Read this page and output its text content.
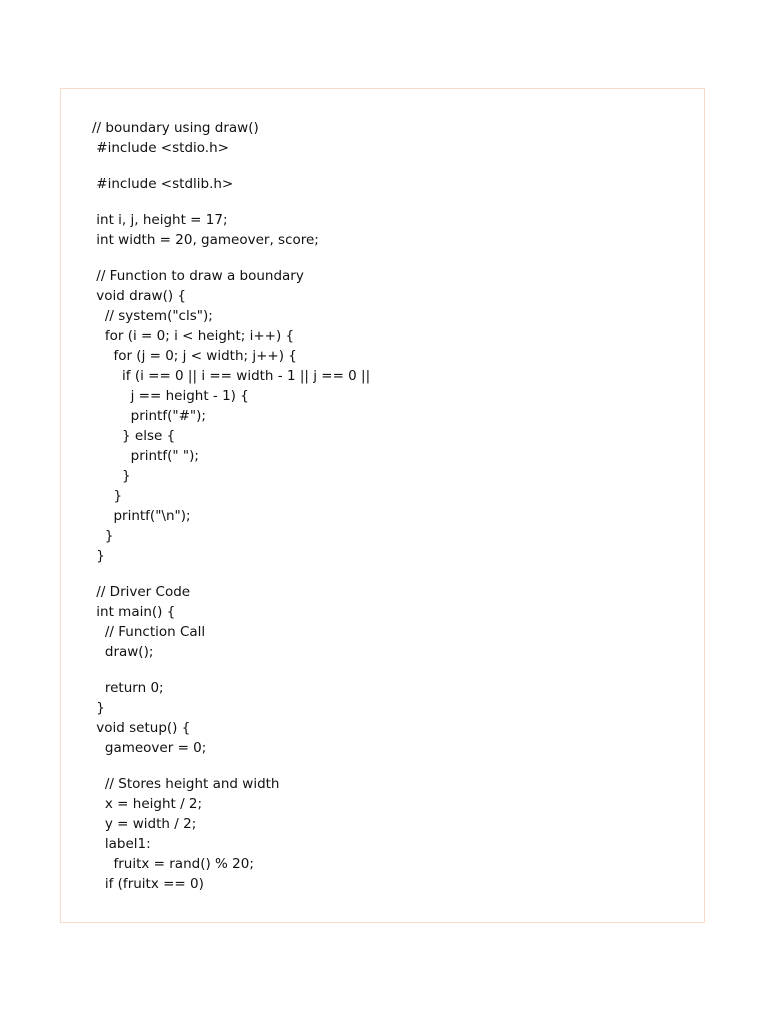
// boundary using draw()
#include <stdio.h>
#include <stdlib.h>
int i, j, height = 17;
int width = 20, gameover, score;
// Function to draw a boundary
void draw() {
// system("cls");
for (i = 0; i < height; i++) {
for (j = 0; j < width; j++) {
if (i == 0 || i == width - 1 || j == 0 ||
j == height - 1) {
printf("#");
} else {
printf(" ");
}
}
printf("\n");
}
}
// Driver Code
int main() {
// Function Call
draw();
return 0;
}
void setup() {
gameover = 0;
// Stores height and width
x = height / 2;
y = width / 2;
label1:
fruitx = rand() % 20;
if (fruitx == 0)
